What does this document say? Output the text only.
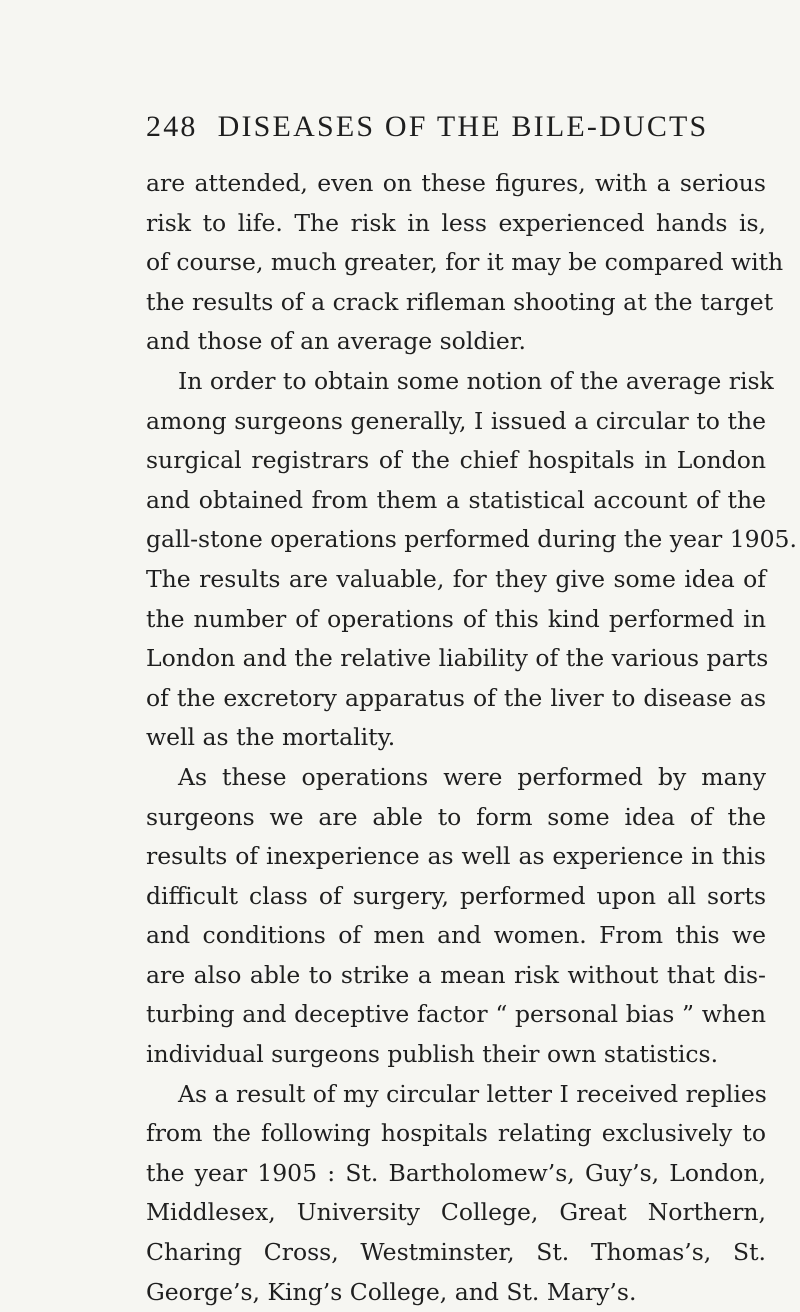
248 DISEASES OF THE BILE-DUCTS
are attended, even on these figures, with a serious
risk to life. The risk in less experienced hands is,
of course, much greater, for it may be compared with
the results of a crack rifleman shooting at the target
and those of an average soldier.
In order to obtain some notion of the average risk
among surgeons generally, I issued a circular to the
surgical registrars of the chief hospitals in London
and obtained from them a statistical account of the
gall-stone operations performed during the year 1905.
The results are valuable, for they give some idea of
the number of operations of this kind performed in
London and the relative liability of the various parts
of the excretory apparatus of the liver to disease as
well as the mortality.
As these operations were performed by many
surgeons we are able to form some idea of the
results of inexperience as well as experience in this
difficult class of surgery, performed upon all sorts
and conditions of men and women. From this we
are also able to strike a mean risk without that dis-
turbing and deceptive factor “ personal bias ” when
individual surgeons publish their own statistics.
As a result of my circular letter I received replies
from the following hospitals relating exclusively to
the year 1905 : St. Bartholomew’s, Guy’s, London,
Middlesex, University College, Great Northern,
Charing Cross, Westminster, St. Thomas’s, St.
George’s, King’s College, and St. Mary’s.
